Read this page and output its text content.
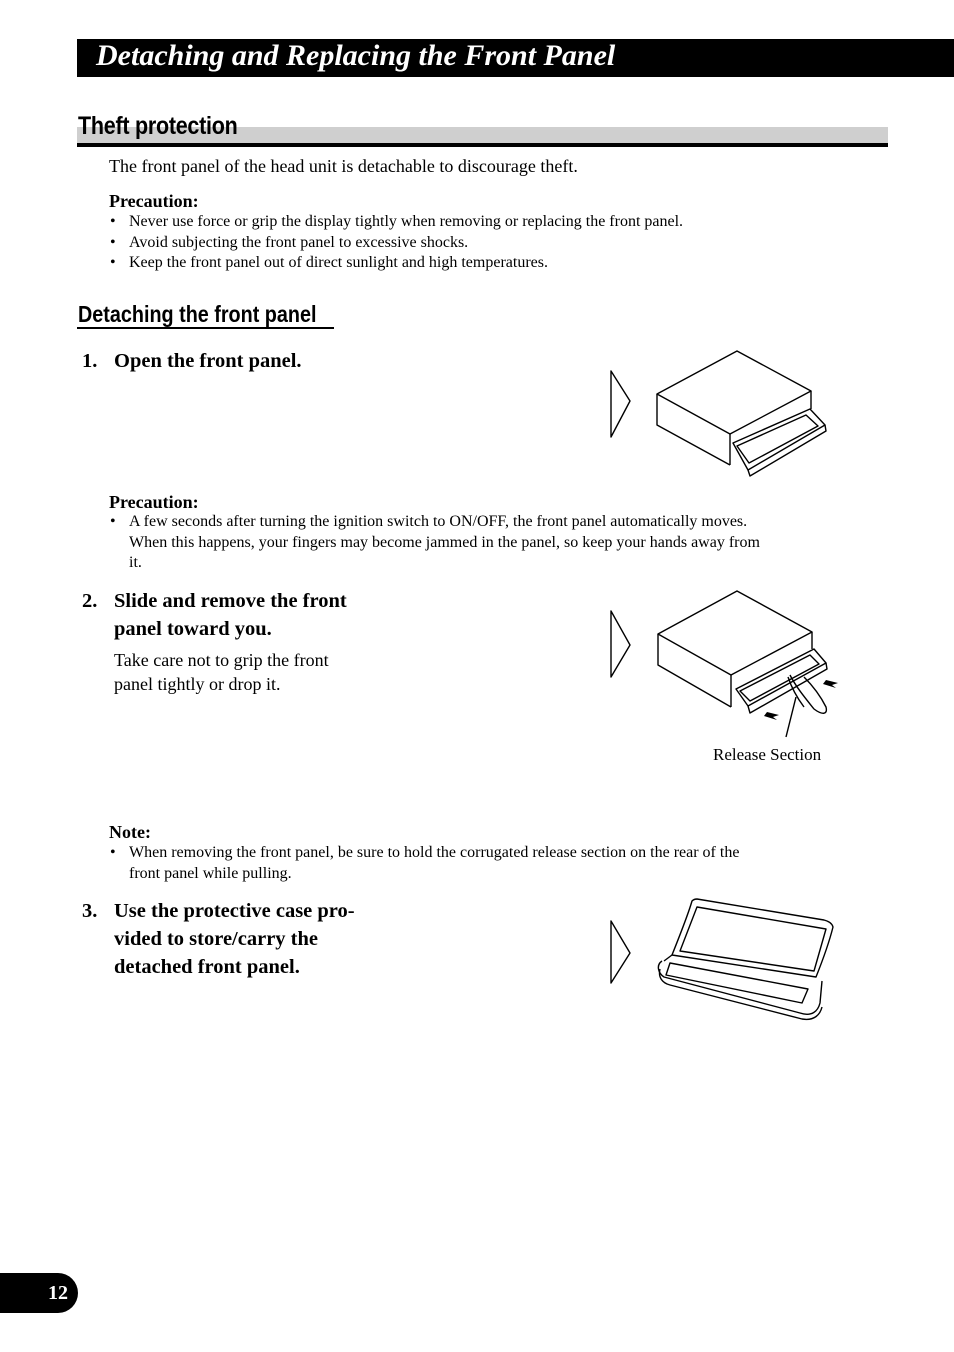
Detaching and Replacing the Front Panel
Theft protection
The front panel of the head unit is detachable to discourage theft.
Precaution:
• Never use force or grip the display tightly when removing or replacing the front panel.
• Avoid subjecting the front panel to excessive shocks.
• Keep the front panel out of direct sunlight and high temperatures.
Detaching the front panel
1. Open the front panel.
Precaution:
• A few seconds after turning the ignition switch to ON/OFF, the front panel automatically moves.
When this happens, your fingers may become jammed in the panel, so keep your hands away from
it.
2. Slide and remove the front
panel toward you.
Take care not to grip the front
panel tightly or drop it.
Release Section
Note:
• When removing the front panel, be sure to hold the corrugated release section on the rear of the
front panel while pulling.
3. Use the protective case pro-
vided to store/carry the
detached front panel.
12
